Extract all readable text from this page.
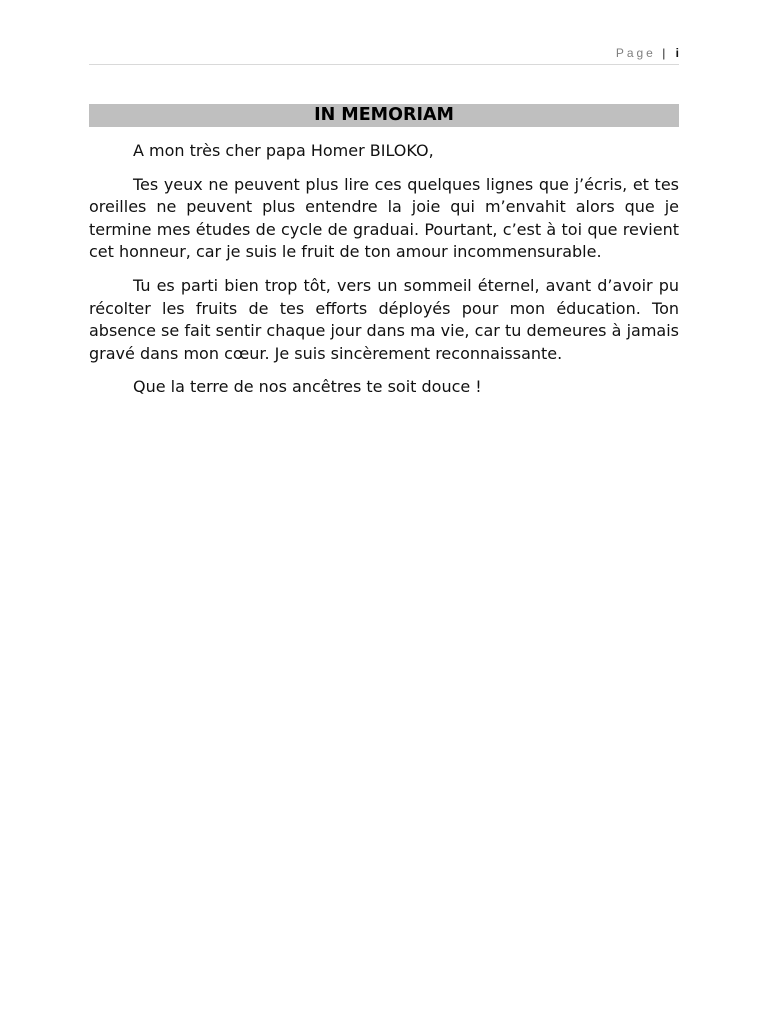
Page | i
IN MEMORIAM

A mon très cher papa Homer BILOKO,

Tes yeux ne peuvent plus lire ces quelques lignes que j’écris, et tes oreilles ne peuvent plus entendre la joie qui m’envahit alors que je termine mes études de cycle de graduai. Pourtant, c’est à toi que revient cet honneur, car je suis le fruit de ton amour incommensurable.

Tu es parti bien trop tôt, vers un sommeil éternel, avant d’avoir pu récolter les fruits de tes efforts déployés pour mon éducation. Ton absence se fait sentir chaque jour dans ma vie, car tu demeures à jamais gravé dans mon cœur. Je suis sincèrement reconnaissante.

Que la terre de nos ancêtres te soit douce !
